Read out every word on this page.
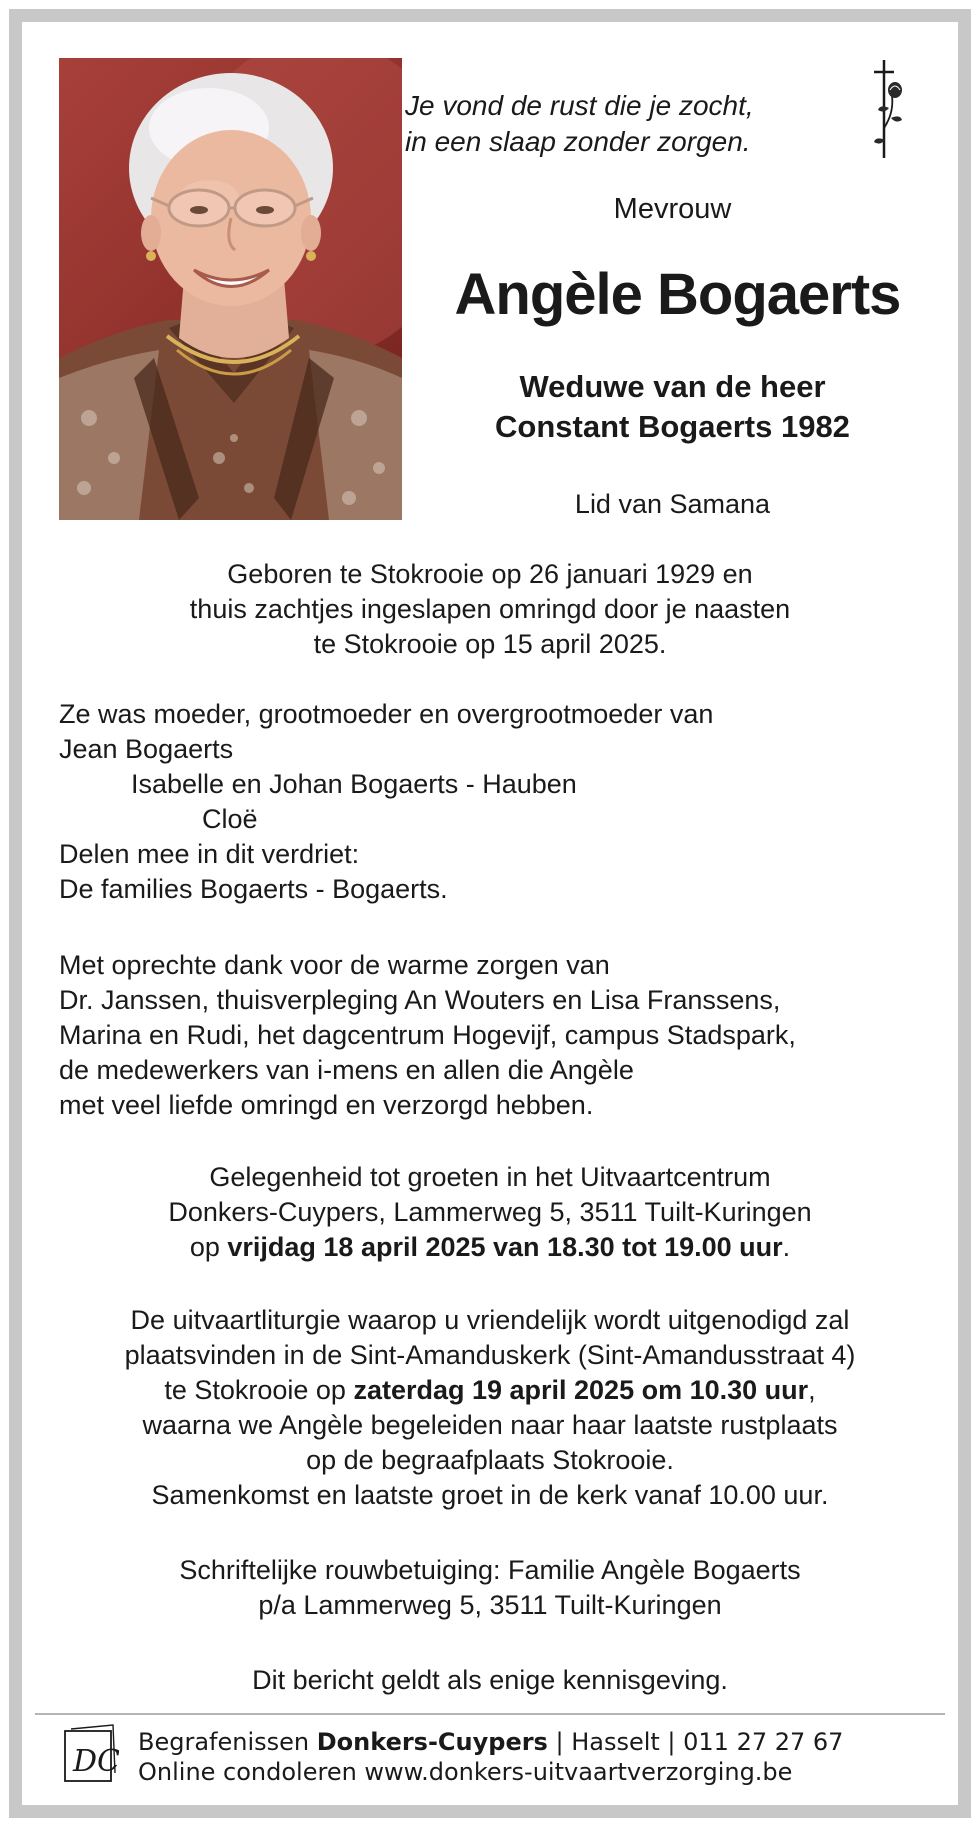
Je vond de rust die je zocht,
in een slaap zonder zorgen.
Mevrouw
Angèle Bogaerts
Weduwe van de heer
Constant Bogaerts 1982
Lid van Samana
Geboren te Stokrooie op 26 januari 1929 en
thuis zachtjes ingeslapen omringd door je naasten
te Stokrooie op 15 april 2025.
Ze was moeder, grootmoeder en overgrootmoeder van
Jean Bogaerts
Isabelle en Johan Bogaerts - Hauben
Cloë
Delen mee in dit verdriet:
De families Bogaerts - Bogaerts.
Met oprechte dank voor de warme zorgen van
Dr. Janssen, thuisverpleging An Wouters en Lisa Franssens,
Marina en Rudi, het dagcentrum Hogevijf, campus Stadspark,
de medewerkers van i-mens en allen die Angèle
met veel liefde omringd en verzorgd hebben.
Gelegenheid tot groeten in het Uitvaartcentrum
Donkers-Cuypers, Lammerweg 5, 3511 Tuilt-Kuringen
op vrijdag 18 april 2025 van 18.30 tot 19.00 uur.
De uitvaartliturgie waarop u vriendelijk wordt uitgenodigd zal
plaatsvinden in de Sint-Amanduskerk (Sint-Amandusstraat 4)
te Stokrooie op zaterdag 19 april 2025 om 10.30 uur,
waarna we Angèle begeleiden naar haar laatste rustplaats
op de begraafplaats Stokrooie.
Samenkomst en laatste groet in de kerk vanaf 10.00 uur.
Schriftelijke rouwbetuiging: Familie Angèle Bogaerts
p/a Lammerweg 5, 3511 Tuilt-Kuringen
Dit bericht geldt als enige kennisgeving.
DC
Begrafenissen Donkers-Cuypers | Hasselt | 011 27 27 67
Online condoleren www.donkers-uitvaartverzorging.be
